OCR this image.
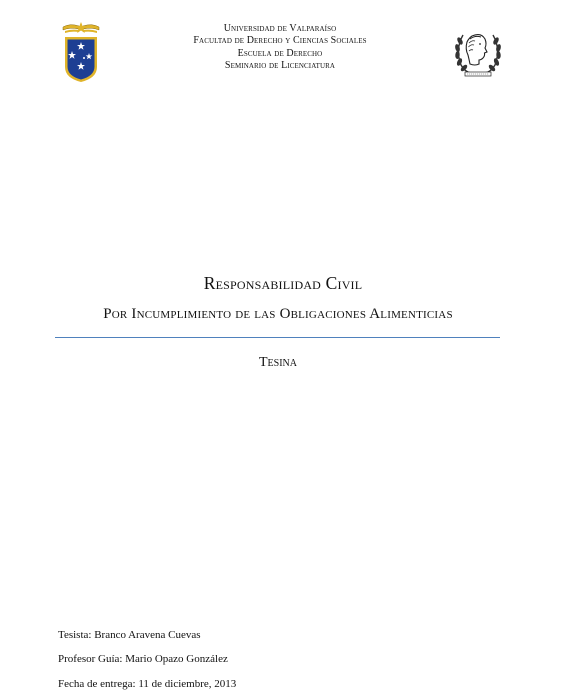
Universidad de Valparaíso
Facultad de Derecho y Ciencias Sociales
Escuela de Derecho
Seminario de Licenciatura
Responsabilidad Civil
Por Incumplimiento de las Obligaciones Alimenticias
Tesina
Tesista: Branco Aravena Cuevas
Profesor Guía: Mario Opazo González
Fecha de entrega: 11 de diciembre, 2013
